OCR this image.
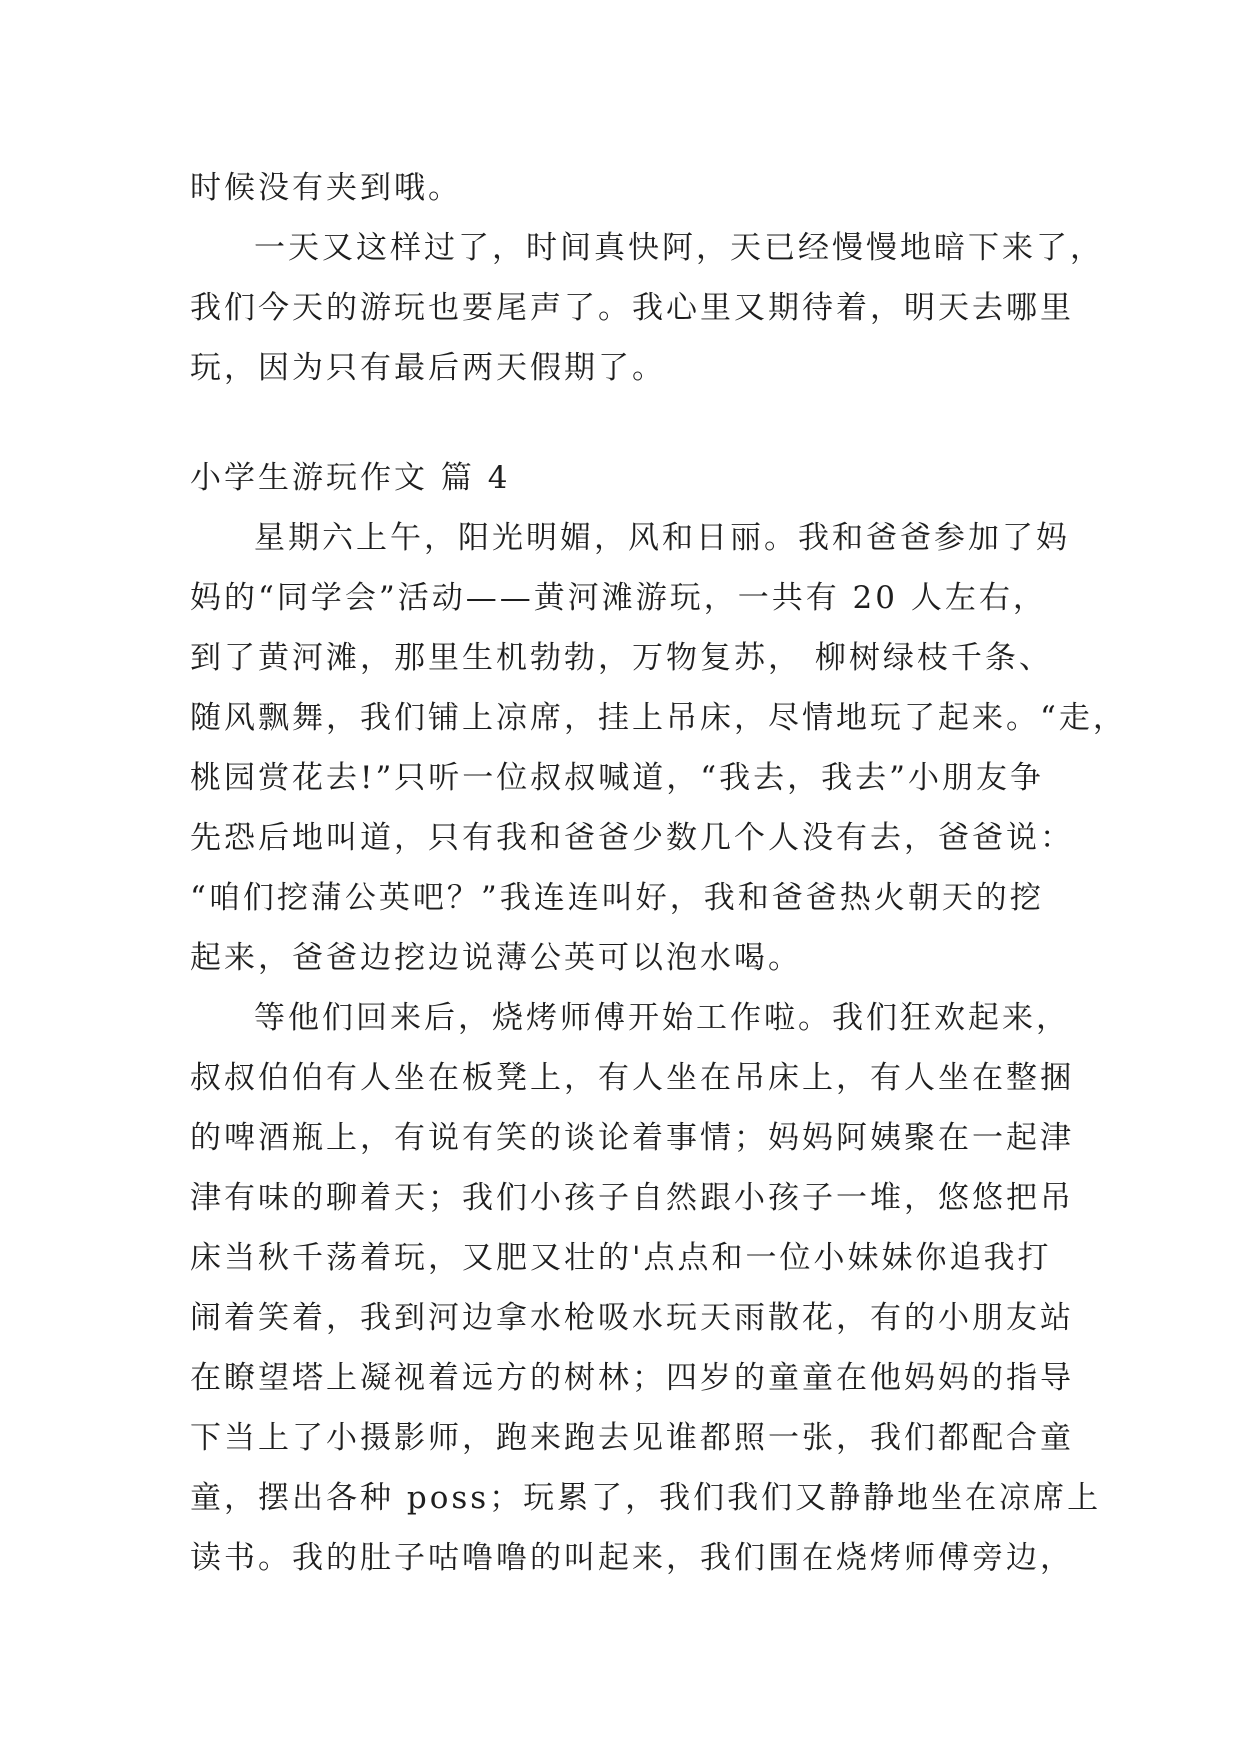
时候没有夹到哦。
一天又这样过了，时间真快阿，天已经慢慢地暗下来了，
我们今天的游玩也要尾声了。我心里又期待着，明天去哪里
玩，因为只有最后两天假期了。
小学生游玩作文 篇 4
星期六上午，阳光明媚，风和日丽。我和爸爸参加了妈
妈的“同学会”活动——黄河滩游玩，一共有 20 人左右，
到了黄河滩，那里生机勃勃，万物复苏， 柳树绿枝千条、
随风飘舞，我们铺上凉席，挂上吊床，尽情地玩了起来。“走，
桃园赏花去!”只听一位叔叔喊道，“我去，我去”小朋友争
先恐后地叫道，只有我和爸爸少数几个人没有去，爸爸说：
“咱们挖蒲公英吧？”我连连叫好，我和爸爸热火朝天的挖
起来，爸爸边挖边说薄公英可以泡水喝。
等他们回来后，烧烤师傅开始工作啦。我们狂欢起来，
叔叔伯伯有人坐在板凳上，有人坐在吊床上，有人坐在整捆
的啤酒瓶上，有说有笑的谈论着事情；妈妈阿姨聚在一起津
津有味的聊着天；我们小孩子自然跟小孩子一堆，悠悠把吊
床当秋千荡着玩，又肥又壮的'点点和一位小妹妹你追我打
闹着笑着，我到河边拿水枪吸水玩天雨散花，有的小朋友站
在瞭望塔上凝视着远方的树林；四岁的童童在他妈妈的指导
下当上了小摄影师，跑来跑去见谁都照一张，我们都配合童
童，摆出各种 poss；玩累了，我们我们又静静地坐在凉席上
读书。我的肚子咕噜噜的叫起来，我们围在烧烤师傅旁边，
